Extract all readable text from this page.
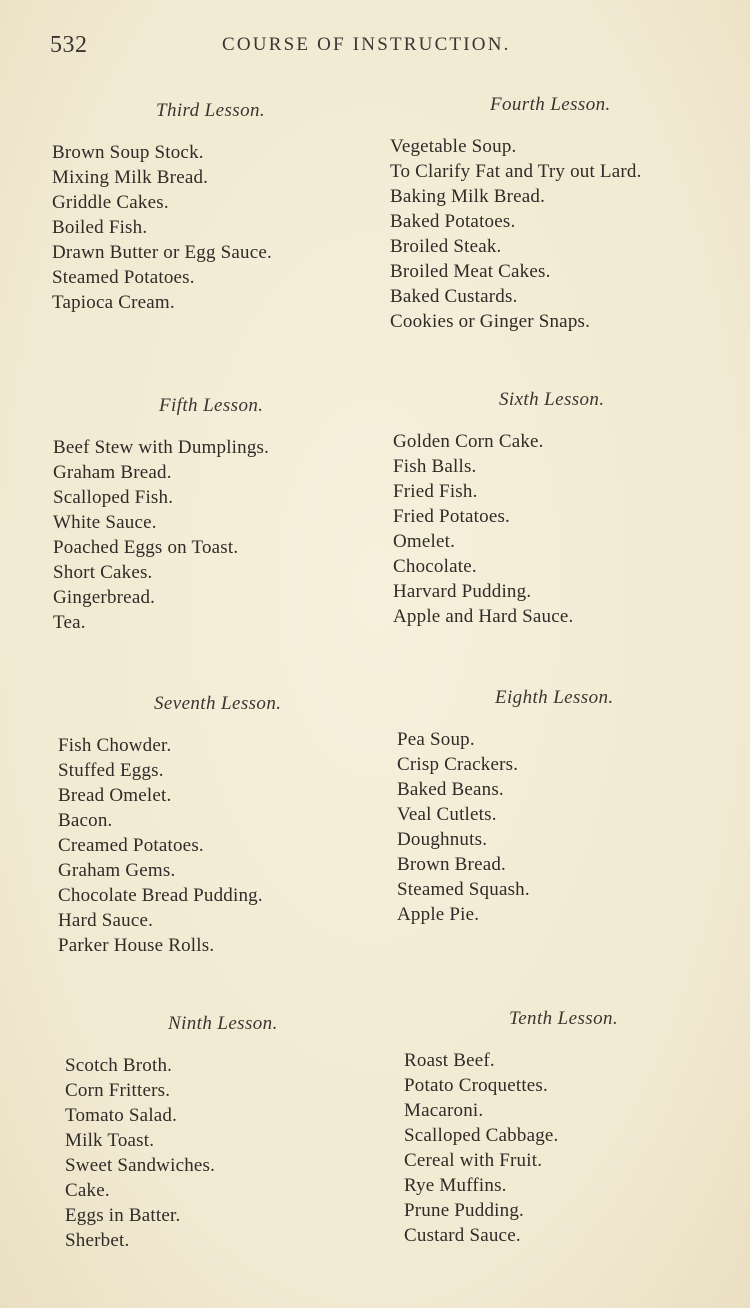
532	COURSE OF INSTRUCTION.
Third Lesson.
Brown Soup Stock.
Mixing Milk Bread.
Griddle Cakes.
Boiled Fish.
Drawn Butter or Egg Sauce.
Steamed Potatoes.
Tapioca Cream.
Fourth Lesson.
Vegetable Soup.
To Clarify Fat and Try out Lard.
Baking Milk Bread.
Baked Potatoes.
Broiled Steak.
Broiled Meat Cakes.
Baked Custards.
Cookies or Ginger Snaps.
Fifth Lesson.
Beef Stew with Dumplings.
Graham Bread.
Scalloped Fish.
White Sauce.
Poached Eggs on Toast.
Short Cakes.
Gingerbread.
Tea.
Sixth Lesson.
Golden Corn Cake.
Fish Balls.
Fried Fish.
Fried Potatoes.
Omelet.
Chocolate.
Harvard Pudding.
Apple and Hard Sauce.
Seventh Lesson.
Fish Chowder.
Stuffed Eggs.
Bread Omelet.
Bacon.
Creamed Potatoes.
Graham Gems.
Chocolate Bread Pudding.
Hard Sauce.
Parker House Rolls.
Eighth Lesson.
Pea Soup.
Crisp Crackers.
Baked Beans.
Veal Cutlets.
Doughnuts.
Brown Bread.
Steamed Squash.
Apple Pie.
Ninth Lesson.
Scotch Broth.
Corn Fritters.
Tomato Salad.
Milk Toast.
Sweet Sandwiches.
Cake.
Eggs in Batter.
Sherbet.
Tenth Lesson.
Roast Beef.
Potato Croquettes.
Macaroni.
Scalloped Cabbage.
Cereal with Fruit.
Rye Muffins.
Prune Pudding.
Custard Sauce.
